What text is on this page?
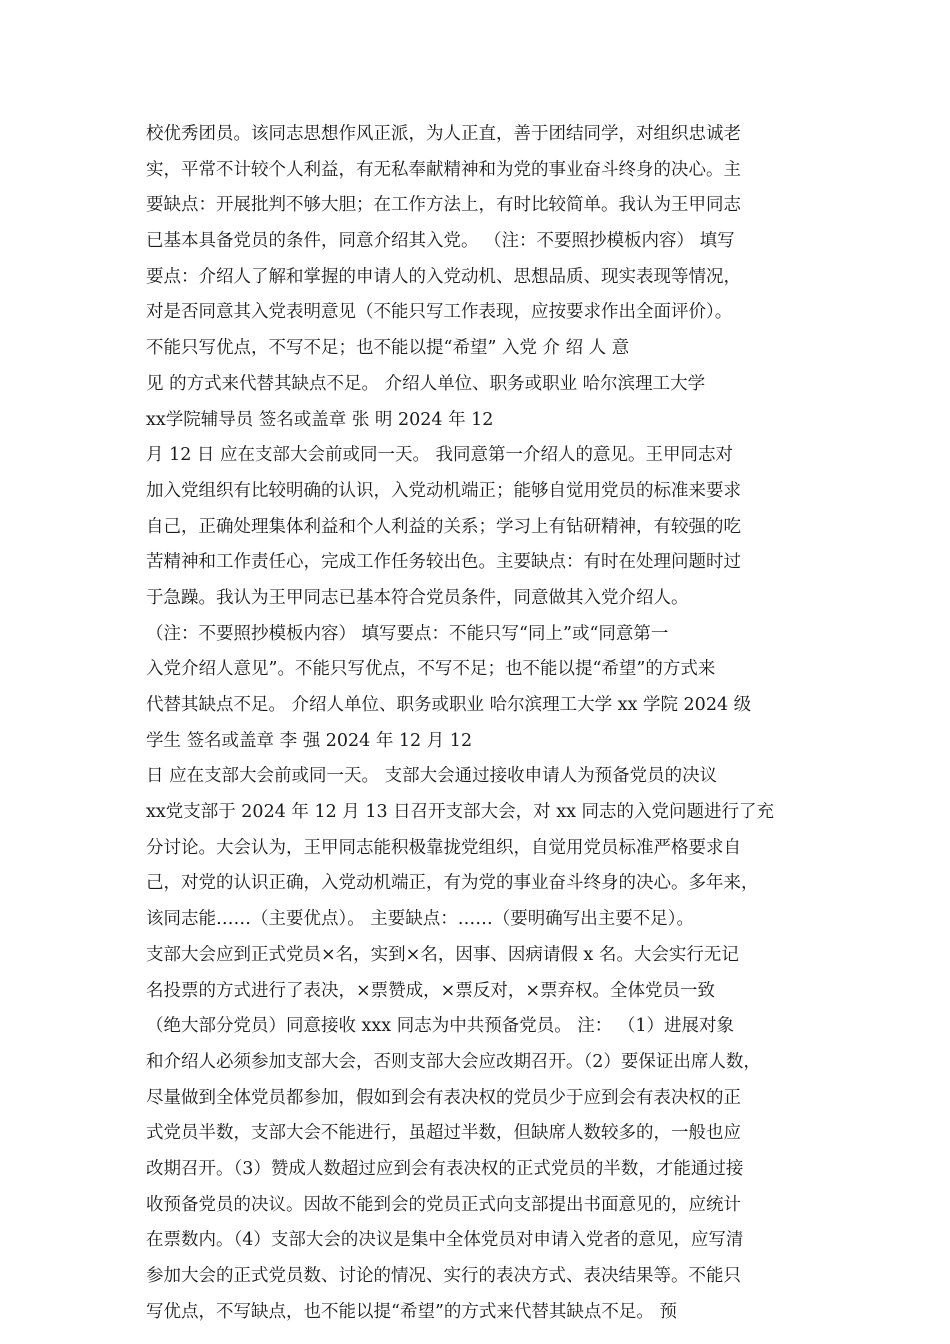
校优秀团员。该同志思想作风正派，为人正直，善于团结同学，对组织忠诚老
实，平常不计较个人利益，有无私奉献精神和为党的事业奋斗终身的决心。主
要缺点：开展批判不够大胆；在工作方法上，有时比较简单。我认为王甲同志
已基本具备党员的条件，同意介绍其入党。 （注：不要照抄模板内容） 填写
要点：介绍人了解和掌握的申请人的入党动机、思想品质、现实表现等情况，
对是否同意其入党表明意见（不能只写工作表现，应按要求作出全面评价）。
不能只写优点，不写不足；也不能以提“希望” 入党 介 绍 人 意
见 的方式来代替其缺点不足。 介绍人单位、职务或职业 哈尔滨理工大学
xx学院辅导员 签名或盖章 张 明 2024 年 12
月 12 日 应在支部大会前或同一天。 我同意第一介绍人的意见。王甲同志对
加入党组织有比较明确的认识，入党动机端正；能够自觉用党员的标准来要求
自己，正确处理集体利益和个人利益的关系；学习上有钻研精神，有较强的吃
苦精神和工作责任心，完成工作任务较出色。主要缺点：有时在处理问题时过
于急躁。我认为王甲同志已基本符合党员条件，同意做其入党介绍人。
（注：不要照抄模板内容） 填写要点：不能只写“同上”或“同意第一
入党介绍人意见”。不能只写优点，不写不足；也不能以提“希望”的方式来
代替其缺点不足。 介绍人单位、职务或职业 哈尔滨理工大学 xx 学院 2024 级
学生 签名或盖章 李 强 2024 年 12 月 12
日 应在支部大会前或同一天。 支部大会通过接收申请人为预备党员的决议
xx党支部于 2024 年 12 月 13 日召开支部大会，对 xx 同志的入党问题进行了充
分讨论。大会认为，王甲同志能积极靠拢党组织，自觉用党员标准严格要求自
己，对党的认识正确，入党动机端正，有为党的事业奋斗终身的决心。多年来，
该同志能……（主要优点）。 主要缺点：……（要明确写出主要不足）。
支部大会应到正式党员×名，实到×名，因事、因病请假 x 名。大会实行无记
名投票的方式进行了表决，×票赞成，×票反对，×票弃权。全体党员一致
（绝大部分党员）同意接收 xxx 同志为中共预备党员。 注： （1）进展对象
和介绍人必须参加支部大会，否则支部大会应改期召开。（2）要保证出席人数，
尽量做到全体党员都参加，假如到会有表决权的党员少于应到会有表决权的正
式党员半数，支部大会不能进行，虽超过半数，但缺席人数较多的，一般也应
改期召开。（3）赞成人数超过应到会有表决权的正式党员的半数，才能通过接
收预备党员的决议。因故不能到会的党员正式向支部提出书面意见的，应统计
在票数内。（4）支部大会的决议是集中全体党员对申请入党者的意见，应写清
参加大会的正式党员数、讨论的情况、实行的表决方式、表决结果等。不能只
写优点，不写缺点，也不能以提“希望”的方式来代替其缺点不足。 预
